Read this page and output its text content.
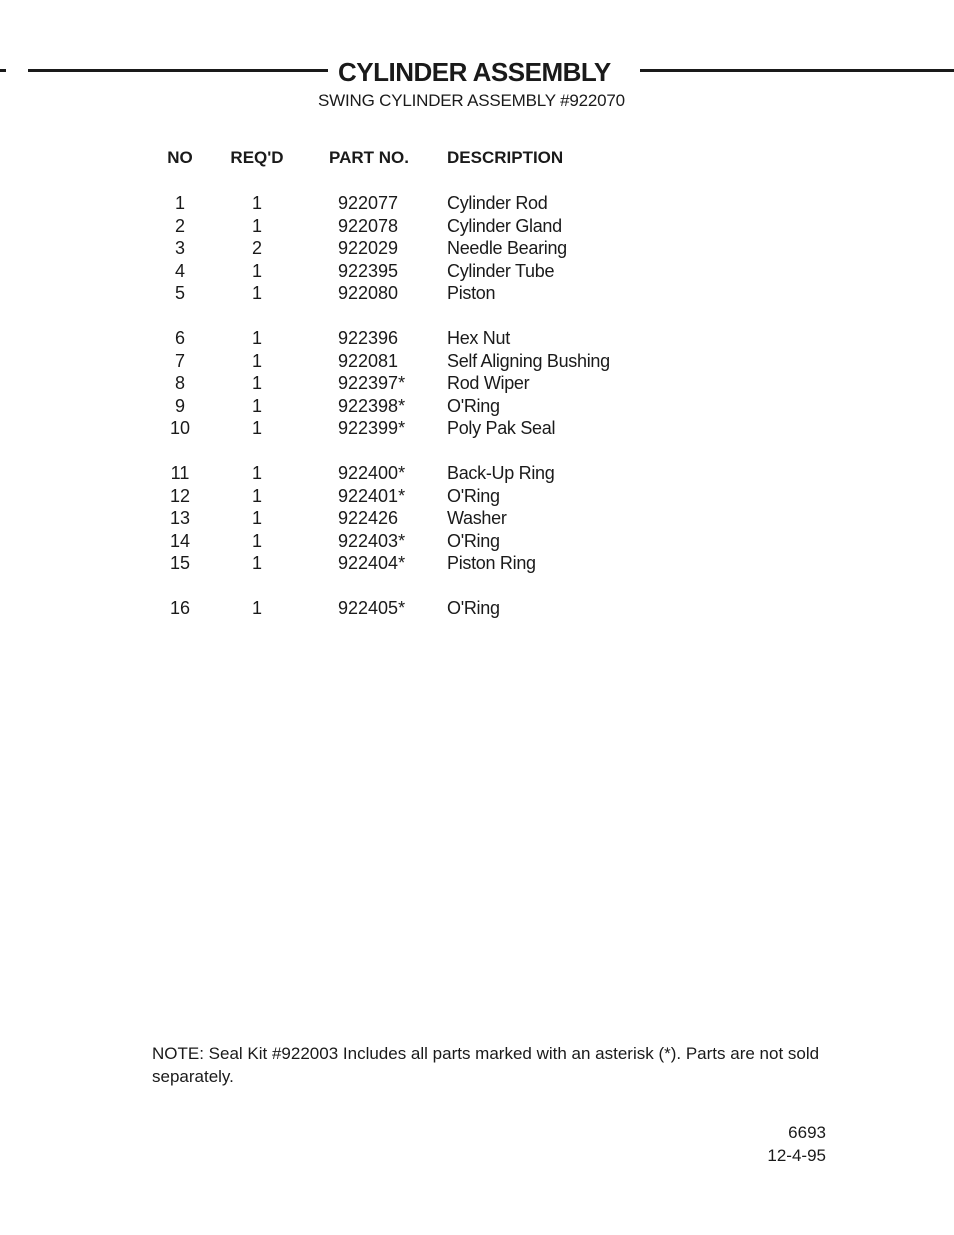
CYLINDER ASSEMBLY
SWING CYLINDER ASSEMBLY #922070
NO REQ'D	PART NO. DESCRIPTION
1	1	922077	Cylinder Rod
2	1	922078	Cylinder Gland
3	2	922029	Needle Bearing
4	1	922395	Cylinder Tube
5	1	922080	Piston
6	1	922396	Hex Nut
7	1	922081	Self Aligning Bushing
8	1	922397* Rod Wiper
9	1	922398* O'Ring
10	1	922399* Poly Pak Seal
11	1	922400* Back-Up Ring
12	1	922401* O'Ring
13	1	922426	Washer
14	1	922403* O'Ring
15	1	922404* Piston Ring
16	1	922405* O'Ring
NOTE: Seal Kit #922003 Includes all parts marked with an asterisk (*). Parts are not sold separately.
6693
12-4-95
